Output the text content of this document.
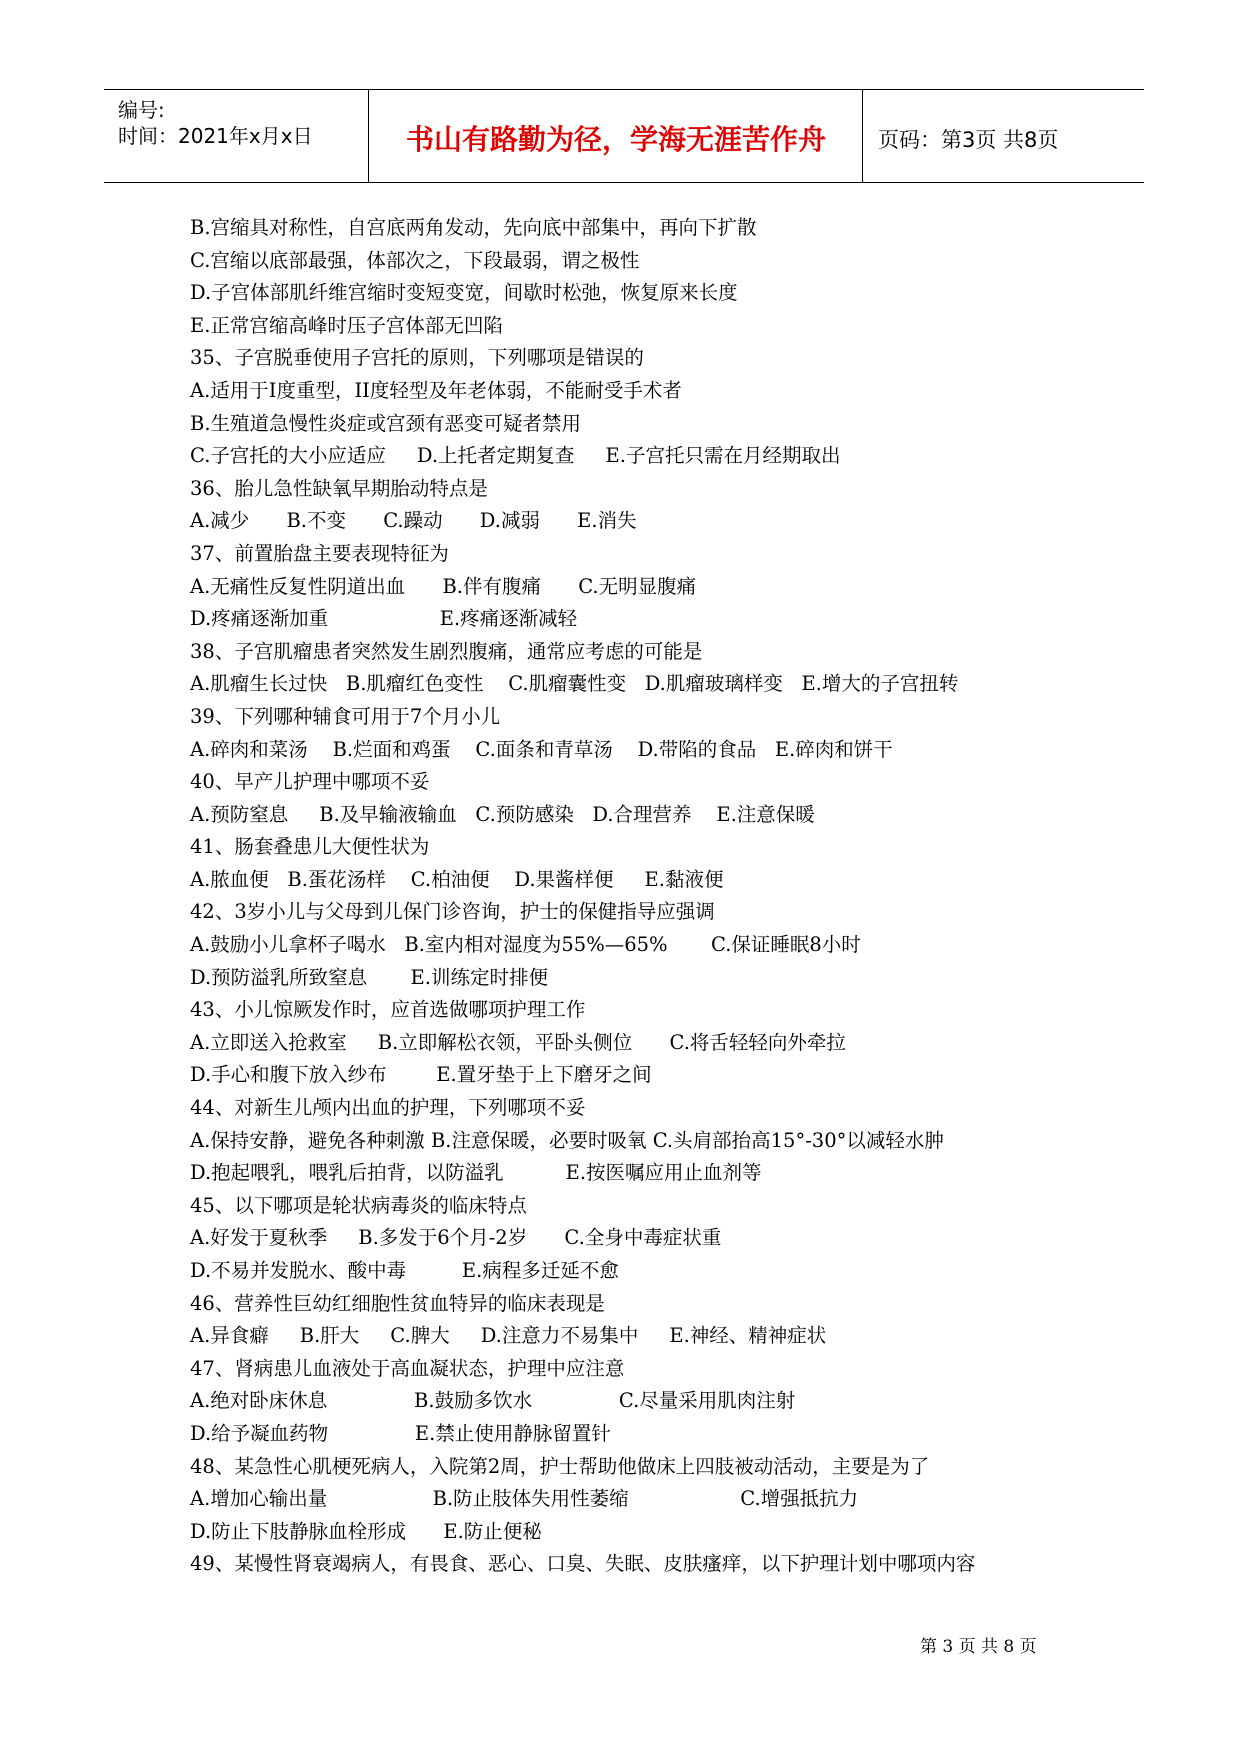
编号:
时间：2021年x月x日	书山有路勤为径，学海无涯苦作舟	页码：第3页 共8页
B.宫缩具对称性，自宫底两角发动，先向底中部集中，再向下扩散
C.宫缩以底部最强，体部次之，下段最弱，谓之极性
D.子宫体部肌纤维宫缩时变短变宽，间歇时松弛，恢复原来长度
E.正常宫缩高峰时压子宫体部无凹陷
35、子宫脱垂使用子宫托的原则，下列哪项是错误的
A.适用于I度重型，II度轻型及年老体弱，不能耐受手术者
B.生殖道急慢性炎症或宫颈有恶变可疑者禁用
C.子宫托的大小应适应     D.上托者定期复查     E.子宫托只需在月经期取出
36、胎儿急性缺氧早期胎动特点是
A.减少      B.不变      C.躁动      D.减弱      E.消失
37、前置胎盘主要表现特征为
A.无痛性反复性阴道出血      B.伴有腹痛      C.无明显腹痛
D.疼痛逐渐加重                  E.疼痛逐渐减轻
38、子宫肌瘤患者突然发生剧烈腹痛，通常应考虑的可能是
A.肌瘤生长过快   B.肌瘤红色变性    C.肌瘤囊性变   D.肌瘤玻璃样变   E.增大的子宫扭转
39、下列哪种辅食可用于7个月小儿
A.碎肉和菜汤    B.烂面和鸡蛋    C.面条和青草汤    D.带陷的食品   E.碎肉和饼干
40、早产儿护理中哪项不妥
A.预防窒息     B.及早输液输血   C.预防感染   D.合理营养    E.注意保暖
41、肠套叠患儿大便性状为
A.脓血便   B.蛋花汤样    C.柏油便    D.果酱样便     E.黏液便
42、3岁小儿与父母到儿保门诊咨询，护士的保健指导应强调
A.鼓励小儿拿杯子喝水   B.室内相对湿度为55%—65%       C.保证睡眠8小时
D.预防溢乳所致窒息       E.训练定时排便
43、小儿惊厥发作时，应首选做哪项护理工作
A.立即送入抢救室     B.立即解松衣领，平卧头侧位      C.将舌轻轻向外牵拉
D.手心和腹下放入纱布        E.置牙垫于上下磨牙之间
44、对新生儿颅内出血的护理，下列哪项不妥
A.保持安静，避免各种刺激 B.注意保暖，必要时吸氧 C.头肩部抬高15°-30°以减轻水肿
D.抱起喂乳，喂乳后拍背，以防溢乳          E.按医嘱应用止血剂等
45、以下哪项是轮状病毒炎的临床特点
A.好发于夏秋季     B.多发于6个月-2岁      C.全身中毒症状重
D.不易并发脱水、酸中毒         E.病程多迁延不愈
46、营养性巨幼红细胞性贫血特异的临床表现是
A.异食癖     B.肝大     C.脾大     D.注意力不易集中     E.神经、精神症状
47、肾病患儿血液处于高血凝状态，护理中应注意
A.绝对卧床休息              B.鼓励多饮水              C.尽量采用肌肉注射
D.给予凝血药物              E.禁止使用静脉留置针
48、某急性心肌梗死病人，入院第2周，护士帮助他做床上四肢被动活动，主要是为了
A.增加心输出量                 B.防止肢体失用性萎缩                  C.增强抵抗力
D.防止下肢静脉血栓形成      E.防止便秘
49、某慢性肾衰竭病人，有畏食、恶心、口臭、失眠、皮肤瘙痒，以下护理计划中哪项内容
第 3 页 共 8 页
